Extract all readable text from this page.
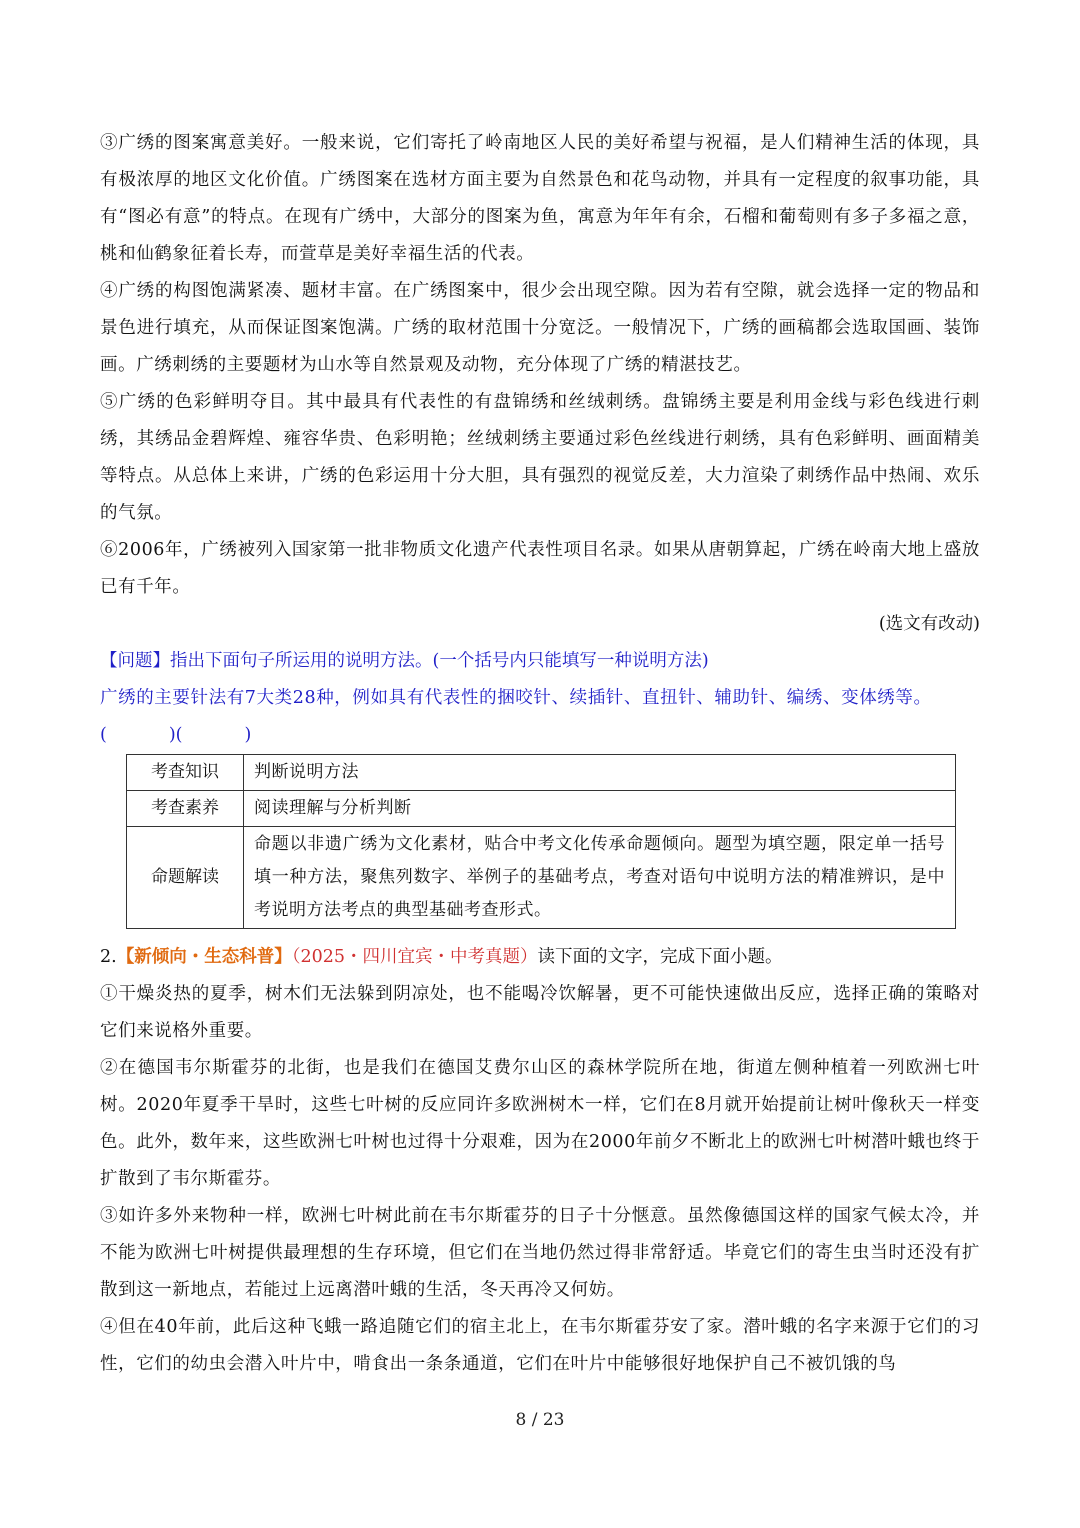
③广绣的图案寓意美好。一般来说，它们寄托了岭南地区人民的美好希望与祝福，是人们精神生活的体现，具有极浓厚的地区文化价值。广绣图案在选材方面主要为自然景色和花鸟动物，并具有一定程度的叙事功能，具有“图必有意”的特点。在现有广绣中，大部分的图案为鱼，寓意为年年有余，石榴和葡萄则有多子多福之意，桃和仙鹤象征着长寿，而萱草是美好幸福生活的代表。

④广绣的构图饱满紧凑、题材丰富。在广绣图案中，很少会出现空隙。因为若有空隙，就会选择一定的物品和景色进行填充，从而保证图案饱满。广绣的取材范围十分宽泛。一般情况下，广绣的画稿都会选取国画、装饰画。广绣刺绣的主要题材为山水等自然景观及动物，充分体现了广绣的精湛技艺。

⑤广绣的色彩鲜明夺目。其中最具有代表性的有盘锦绣和丝绒刺绣。盘锦绣主要是利用金线与彩色线进行刺绣，其绣品金碧辉煌、雍容华贵、色彩明艳；丝绒刺绣主要通过彩色丝线进行刺绣，具有色彩鲜明、画面精美等特点。从总体上来讲，广绣的色彩运用十分大胆，具有强烈的视觉反差，大力渲染了刺绣作品中热闹、欢乐的气氛。

⑥2006年，广绣被列入国家第一批非物质文化遗产代表性项目名录。如果从唐朝算起，广绣在岭南大地上盛放已有千年。

(选文有改动)

【问题】指出下面句子所运用的说明方法。(一个括号内只能填写一种说明方法)

广绣的主要针法有7大类28种，例如具有代表性的捆咬针、续插针、直扭针、辅助针、编绣、变体绣等。

(	)(	)

考查知识	判断说明方法
考查素养	阅读理解与分析判断
命题解读	命题以非遗广绣为文化素材，贴合中考文化传承命题倾向。题型为填空题，限定单一括号填一种方法，聚焦列数字、举例子的基础考点，考查对语句中说明方法的精准辨识，是中考说明方法考点的典型基础考查形式。

2.【新倾向・生态科普】（2025・四川宜宾・中考真题）读下面的文字，完成下面小题。

①干燥炎热的夏季，树木们无法躲到阴凉处，也不能喝冷饮解暑，更不可能快速做出反应，选择正确的策略对它们来说格外重要。

②在德国韦尔斯霍芬的北街，也是我们在德国艾费尔山区的森林学院所在地，街道左侧种植着一列欧洲七叶树。2020年夏季干旱时，这些七叶树的反应同许多欧洲树木一样，它们在8月就开始提前让树叶像秋天一样变色。此外，数年来，这些欧洲七叶树也过得十分艰难，因为在2000年前夕不断北上的欧洲七叶树潜叶蛾也终于扩散到了韦尔斯霍芬。

③如许多外来物种一样，欧洲七叶树此前在韦尔斯霍芬的日子十分惬意。虽然像德国这样的国家气候太冷，并不能为欧洲七叶树提供最理想的生存环境，但它们在当地仍然过得非常舒适。毕竟它们的寄生虫当时还没有扩散到这一新地点，若能过上远离潜叶蛾的生活，冬天再冷又何妨。

④但在40年前，此后这种飞蛾一路追随它们的宿主北上，在韦尔斯霍芬安了家。潜叶蛾的名字来源于它们的习性，它们的幼虫会潜入叶片中，啃食出一条条通道，它们在叶片中能够很好地保护自己不被饥饿的鸟

8 / 23
